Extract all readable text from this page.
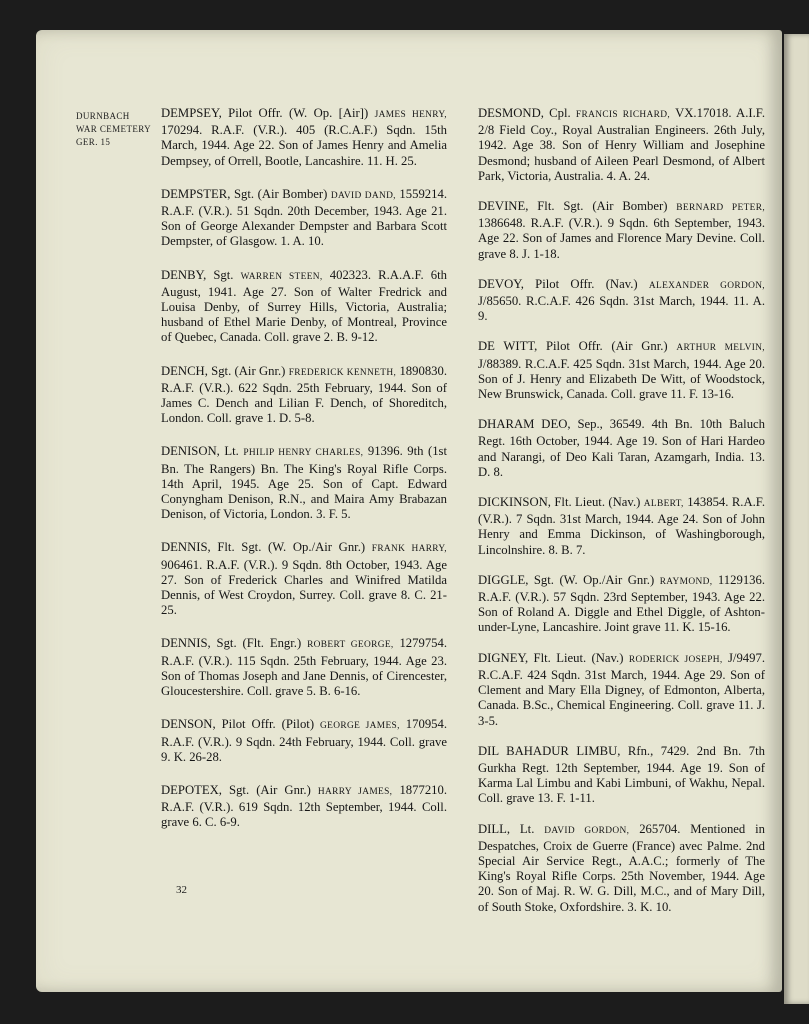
DURNBACH
WAR CEMETERY
GER. 15

DEMPSEY, Pilot Offr. (W. Op. [Air]) JAMES HENRY, 170294. R.A.F. (V.R.). 405 (R.C.A.F.) Sqdn. 15th March, 1944. Age 22. Son of James Henry and Amelia Dempsey, of Orrell, Bootle, Lancashire. 11. H. 25.

DEMPSTER, Sgt. (Air Bomber) DAVID DAND, 1559214. R.A.F. (V.R.). 51 Sqdn. 20th December, 1943. Age 21. Son of George Alexander Dempster and Barbara Scott Dempster, of Glasgow. 1. A. 10.

DENBY, Sgt. WARREN STEEN, 402323. R.A.A.F. 6th August, 1941. Age 27. Son of Walter Fredrick and Louisa Denby, of Surrey Hills, Victoria, Australia; husband of Ethel Marie Denby, of Montreal, Province of Quebec, Canada. Coll. grave 2. B. 9-12.

DENCH, Sgt. (Air Gnr.) FREDERICK KENNETH, 1890830. R.A.F. (V.R.). 622 Sqdn. 25th February, 1944. Son of James C. Dench and Lilian F. Dench, of Shoreditch, London. Coll. grave 1. D. 5-8.

DENISON, Lt. PHILIP HENRY CHARLES, 91396. 9th (1st Bn. The Rangers) Bn. The King's Royal Rifle Corps. 14th April, 1945. Age 25. Son of Capt. Edward Conyngham Denison, R.N., and Maira Amy Brabazan Denison, of Victoria, London. 3. F. 5.

DENNIS, Flt. Sgt. (W. Op./Air Gnr.) FRANK HARRY, 906461. R.A.F. (V.R.). 9 Sqdn. 8th October, 1943. Age 27. Son of Frederick Charles and Winifred Matilda Dennis, of West Croydon, Surrey. Coll. grave 8. C. 21-25.

DENNIS, Sgt. (Flt. Engr.) ROBERT GEORGE, 1279754. R.A.F. (V.R.). 115 Sqdn. 25th February, 1944. Age 23. Son of Thomas Joseph and Jane Dennis, of Cirencester, Gloucestershire. Coll. grave 5. B. 6-16.

DENSON, Pilot Offr. (Pilot) GEORGE JAMES, 170954. R.A.F. (V.R.). 9 Sqdn. 24th February, 1944. Coll. grave 9. K. 26-28.

DEPOTEX, Sgt. (Air Gnr.) HARRY JAMES, 1877210. R.A.F. (V.R.). 619 Sqdn. 12th September, 1944. Coll. grave 6. C. 6-9.

DESMOND, Cpl. FRANCIS RICHARD, VX.17018. A.I.F. 2/8 Field Coy., Royal Australian Engineers. 26th July, 1942. Age 38. Son of Henry William and Josephine Desmond; husband of Aileen Pearl Desmond, of Albert Park, Victoria, Australia. 4. A. 24.

DEVINE, Flt. Sgt. (Air Bomber) BERNARD PETER, 1386648. R.A.F. (V.R.). 9 Sqdn. 6th September, 1943. Age 22. Son of James and Florence Mary Devine. Coll. grave 8. J. 1-18.

DEVOY, Pilot Offr. (Nav.) ALEXANDER GORDON, J/85650. R.C.A.F. 426 Sqdn. 31st March, 1944. 11. A. 9.

DE WITT, Pilot Offr. (Air Gnr.) ARTHUR MELVIN, J/88389. R.C.A.F. 425 Sqdn. 31st March, 1944. Age 20. Son of J. Henry and Elizabeth De Witt, of Woodstock, New Brunswick, Canada. Coll. grave 11. F. 13-16.

DHARAM DEO, Sep., 36549. 4th Bn. 10th Baluch Regt. 16th October, 1944. Age 19. Son of Hari Hardeo and Narangi, of Deo Kali Taran, Azamgarh, India. 13. D. 8.

DICKINSON, Flt. Lieut. (Nav.) ALBERT, 143854. R.A.F. (V.R.). 7 Sqdn. 31st March, 1944. Age 24. Son of John Henry and Emma Dickinson, of Washingborough, Lincolnshire. 8. B. 7.

DIGGLE, Sgt. (W. Op./Air Gnr.) RAYMOND, 1129136. R.A.F. (V.R.). 57 Sqdn. 23rd September, 1943. Age 22. Son of Roland A. Diggle and Ethel Diggle, of Ashton-under-Lyne, Lancashire. Joint grave 11. K. 15-16.

DIGNEY, Flt. Lieut. (Nav.) RODERICK JOSEPH, J/9497. R.C.A.F. 424 Sqdn. 31st March, 1944. Age 29. Son of Clement and Mary Ella Digney, of Edmonton, Alberta, Canada. B.Sc., Chemical Engineering. Coll. grave 11. J. 3-5.

DIL BAHADUR LIMBU, Rfn., 7429. 2nd Bn. 7th Gurkha Regt. 12th September, 1944. Age 19. Son of Karma Lal Limbu and Kabi Limbuni, of Wakhu, Nepal. Coll. grave 13. F. 1-11.

DILL, Lt. DAVID GORDON, 265704. Mentioned in Despatches, Croix de Guerre (France) avec Palme. 2nd Special Air Service Regt., A.A.C.; formerly of The King's Royal Rifle Corps. 25th November, 1944. Age 20. Son of Maj. R. W. G. Dill, M.C., and of Mary Dill, of South Stoke, Oxfordshire. 3. K. 10.

32
